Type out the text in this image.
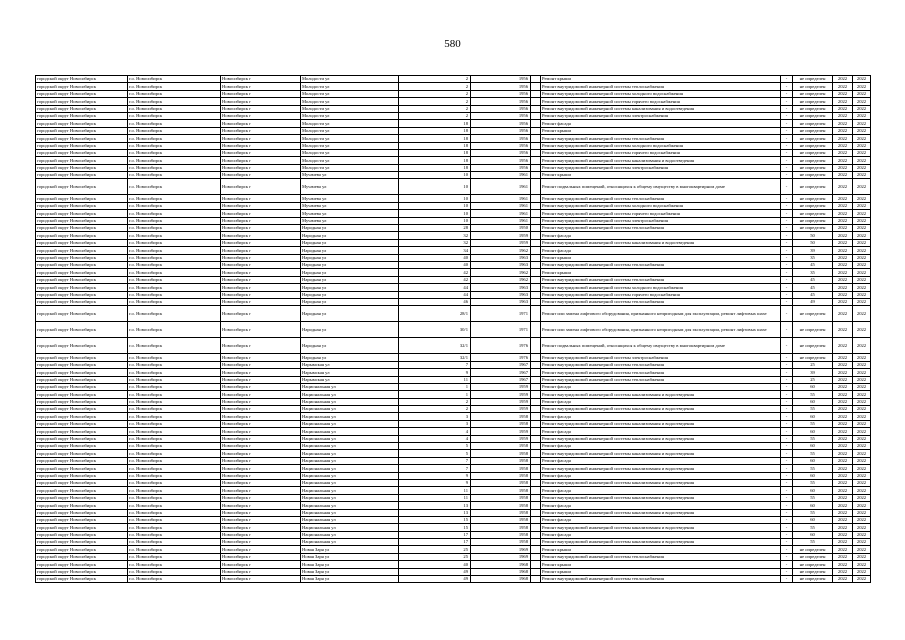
580
городской округ Новосибирск	г.о. Новосибирск	Новосибирск г	Молодости ул	2	1956		Ремонт крыши	-	не определен	2022	2022
городской округ Новосибирск	г.о. Новосибирск	Новосибирск г	Молодости ул	2	1956		Ремонт внутридомовой инженерной системы теплоснабжения	-	не определен	2022	2022
городской округ Новосибирск	г.о. Новосибирск	Новосибирск г	Молодости ул	2	1956		Ремонт внутридомовой инженерной системы холодного водоснабжения	-	не определен	2022	2022
городской округ Новосибирск	г.о. Новосибирск	Новосибирск г	Молодости ул	2	1956		Ремонт внутридомовой инженерной системы горячего водоснабжения	-	не определен	2022	2022
городской округ Новосибирск	г.о. Новосибирск	Новосибирск г	Молодости ул	2	1956		Ремонт внутридомовой инженерной системы канализования и водоотведения	-	не определен	2022	2022
городской округ Новосибирск	г.о. Новосибирск	Новосибирск г	Молодости ул	2	1956		Ремонт внутридомовой инженерной системы электроснабжения	-	не определен	2022	2022
городской округ Новосибирск	г.о. Новосибирск	Новосибирск г	Молодости ул	18	1956		Ремонт фасада	-	не определен	2022	2022
городской округ Новосибирск	г.о. Новосибирск	Новосибирск г	Молодости ул	18	1956		Ремонт крыши	-	не определен	2022	2022
городской округ Новосибирск	г.о. Новосибирск	Новосибирск г	Молодости ул	18	1956		Ремонт внутридомовой инженерной системы теплоснабжения	-	не определен	2022	2022
городской округ Новосибирск	г.о. Новосибирск	Новосибирск г	Молодости ул	18	1956		Ремонт внутридомовой инженерной системы холодного водоснабжения	-	не определен	2022	2022
городской округ Новосибирск	г.о. Новосибирск	Новосибирск г	Молодости ул	18	1956		Ремонт внутридомовой инженерной системы горячего водоснабжения	-	не определен	2022	2022
городской округ Новосибирск	г.о. Новосибирск	Новосибирск г	Молодости ул	18	1956		Ремонт внутридомовой инженерной системы канализования и водоотведения	-	не определен	2022	2022
городской округ Новосибирск	г.о. Новосибирск	Новосибирск г	Молодости ул	18	1956		Ремонт внутридомовой инженерной системы электроснабжения	-	не определен	2022	2022
городской округ Новосибирск	г.о. Новосибирск	Новосибирск г	Мучачева ул	10	1961		Ремонт крыши	-	не определен	2022	2022
городской округ Новосибирск	г.о. Новосибирск	Новосибирск г	Мучачева ул	10	1961		Ремонт подвальных помещений, относящихся к общему имуществу в многоквартирном доме	-	не определен	2022	2022
городской округ Новосибирск	г.о. Новосибирск	Новосибирск г	Мучачева ул	10	1961		Ремонт внутридомовой инженерной системы теплоснабжения	-	не определен	2022	2022
городской округ Новосибирск	г.о. Новосибирск	Новосибирск г	Мучачева ул	10	1961		Ремонт внутридомовой инженерной системы холодного водоснабжения	-	не определен	2022	2022
городской округ Новосибирск	г.о. Новосибирск	Новосибирск г	Мучачева ул	10	1961		Ремонт внутридомовой инженерной системы горячего водоснабжения	-	не определен	2022	2022
городской округ Новосибирск	г.о. Новосибирск	Новосибирск г	Мучачева ул	10	1961		Ремонт внутридомовой инженерной системы электроснабжения	-	не определен	2022	2022
городской округ Новосибирск	г.о. Новосибирск	Новосибирск г	Народная ул	28	1950		Ремонт внутридомовой инженерной системы теплоснабжения	-	не определен	2022	2022
городской округ Новосибирск	г.о. Новосибирск	Новосибирск г	Народная ул	32	1959		Ремонт фасада	-	50	2022	2022
городской округ Новосибирск	г.о. Новосибирск	Новосибирск г	Народная ул	32	1959		Ремонт внутридомовой инженерной системы канализования и водоотведения	-	50	2022	2022
городской округ Новосибирск	г.о. Новосибирск	Новосибирск г	Народная ул	34	1962		Ремонт фасада	-	39	2022	2022
городской округ Новосибирск	г.о. Новосибирск	Новосибирск г	Народная ул	40	1963		Ремонт крыши	-	35	2022	2022
городской округ Новосибирск	г.о. Новосибирск	Новосибирск г	Народная ул	40	1963		Ремонт внутридомовой инженерной системы теплоснабжения	-	45	2022	2022
городской округ Новосибирск	г.о. Новосибирск	Новосибирск г	Народная ул	42	1962		Ремонт крыши	-	35	2022	2022
городской округ Новосибирск	г.о. Новосибирск	Новосибирск г	Народная ул	42	1962		Ремонт внутридомовой инженерной системы теплоснабжения	-	45	2022	2022
городской округ Новосибирск	г.о. Новосибирск	Новосибирск г	Народная ул	44	1963		Ремонт внутридомовой инженерной системы холодного водоснабжения	-	45	2022	2022
городской округ Новосибирск	г.о. Новосибирск	Новосибирск г	Народная ул	44	1963		Ремонт внутридомовой инженерной системы горячего водоснабжения	-	45	2022	2022
городской округ Новосибирск	г.о. Новосибирск	Новосибирск г	Народная ул	46	1963		Ремонт внутридомовой инженерной системы теплоснабжения	-	49	2022	2022
городской округ Новосибирск	г.о. Новосибирск	Новосибирск г	Народная ул	28/1	1971		Ремонт или замена лифтового оборудования, признанного непригодным для эксплуатации, ремонт лифтовых шахт	-	не определен	2022	2022
городской округ Новосибирск	г.о. Новосибирск	Новосибирск г	Народная ул	30/1	1971		Ремонт или замена лифтового оборудования, признанного непригодным для эксплуатации, ремонт лифтовых шахт	-	не определен	2022	2022
городской округ Новосибирск	г.о. Новосибирск	Новосибирск г	Народная ул	32/1	1976		Ремонт подвальных помещений, относящихся к общему имуществу в многоквартирном доме	-	не определен	2022	2022
городской округ Новосибирск	г.о. Новосибирск	Новосибирск г	Народная ул	32/1	1976		Ремонт внутридомовой инженерной системы электроснабжения	-	не определен	2022	2022
городской округ Новосибирск	г.о. Новосибирск	Новосибирск г	Нарымская ул	7	1967		Ремонт внутридомовой инженерной системы теплоснабжения	-	25	2022	2022
городской округ Новосибирск	г.о. Новосибирск	Новосибирск г	Нарымская ул	9	1967		Ремонт внутридомовой инженерной системы теплоснабжения	-	39	2022	2022
городской округ Новосибирск	г.о. Новосибирск	Новосибирск г	Нарымская ул	11	1967		Ремонт внутридомовой инженерной системы теплоснабжения	-	25	2022	2022
городской округ Новосибирск	г.о. Новосибирск	Новосибирск г	Национальная ул	1	1959		Ремонт фасада	-	60	2022	2022
городской округ Новосибирск	г.о. Новосибирск	Новосибирск г	Национальная ул	1	1959		Ремонт внутридомовой инженерной системы канализования и водоотведения	-	55	2022	2022
городской округ Новосибирск	г.о. Новосибирск	Новосибирск г	Национальная ул	2	1959		Ремонт фасада	-	60	2022	2022
городской округ Новосибирск	г.о. Новосибирск	Новосибирск г	Национальная ул	2	1959		Ремонт внутридомовой инженерной системы канализования и водоотведения	-	55	2022	2022
городской округ Новосибирск	г.о. Новосибирск	Новосибирск г	Национальная ул	3	1958		Ремонт фасада	-	60	2022	2022
городской округ Новосибирск	г.о. Новосибирск	Новосибирск г	Национальная ул	3	1958		Ремонт внутридомовой инженерной системы канализования и водоотведения	-	55	2022	2022
городской округ Новосибирск	г.о. Новосибирск	Новосибирск г	Национальная ул	4	1959		Ремонт фасада	-	60	2022	2022
городской округ Новосибирск	г.о. Новосибирск	Новосибирск г	Национальная ул	4	1959		Ремонт внутридомовой инженерной системы канализования и водоотведения	-	55	2022	2022
городской округ Новосибирск	г.о. Новосибирск	Новосибирск г	Национальная ул	5	1958		Ремонт фасада	-	60	2022	2022
городской округ Новосибирск	г.о. Новосибирск	Новосибирск г	Национальная ул	5	1958		Ремонт внутридомовой инженерной системы канализования и водоотведения	-	55	2022	2022
городской округ Новосибирск	г.о. Новосибирск	Новосибирск г	Национальная ул	7	1958		Ремонт фасада	-	60	2022	2022
городской округ Новосибирск	г.о. Новосибирск	Новосибирск г	Национальная ул	7	1958		Ремонт внутридомовой инженерной системы канализования и водоотведения	-	55	2022	2022
городской округ Новосибирск	г.о. Новосибирск	Новосибирск г	Национальная ул	9	1958		Ремонт фасада	-	60	2022	2022
городской округ Новосибирск	г.о. Новосибирск	Новосибирск г	Национальная ул	9	1958		Ремонт внутридомовой инженерной системы канализования и водоотведения	-	55	2022	2022
городской округ Новосибирск	г.о. Новосибирск	Новосибирск г	Национальная ул	11	1958		Ремонт фасада	-	60	2022	2022
городской округ Новосибирск	г.о. Новосибирск	Новосибирск г	Национальная ул	11	1958		Ремонт внутридомовой инженерной системы канализования и водоотведения	-	55	2022	2022
городской округ Новосибирск	г.о. Новосибирск	Новосибирск г	Национальная ул	13	1958		Ремонт фасада	-	60	2022	2022
городской округ Новосибирск	г.о. Новосибирск	Новосибирск г	Национальная ул	13	1958		Ремонт внутридомовой инженерной системы канализования и водоотведения	-	55	2022	2022
городской округ Новосибирск	г.о. Новосибирск	Новосибирск г	Национальная ул	15	1958		Ремонт фасада	-	60	2022	2022
городской округ Новосибирск	г.о. Новосибирск	Новосибирск г	Национальная ул	15	1958		Ремонт внутридомовой инженерной системы канализования и водоотведения	-	55	2022	2022
городской округ Новосибирск	г.о. Новосибирск	Новосибирск г	Национальная ул	17	1958		Ремонт фасада	-	60	2022	2022
городской округ Новосибирск	г.о. Новосибирск	Новосибирск г	Национальная ул	17	1958		Ремонт внутридомовой инженерной системы канализования и водоотведения	-	55	2022	2022
городской округ Новосибирск	г.о. Новосибирск	Новосибирск г	Новая Заря ул	25	1969		Ремонт крыши	-	не определен	2022	2022
городской округ Новосибирск	г.о. Новосибирск	Новосибирск г	Новая Заря ул	25	1969		Ремонт внутридомовой инженерной системы теплоснабжения	-	не определен	2022	2022
городской округ Новосибирск	г.о. Новосибирск	Новосибирск г	Новая Заря ул	40	1968		Ремонт крыши	-	не определен	2022	2022
городской округ Новосибирск	г.о. Новосибирск	Новосибирск г	Новая Заря ул	49	1968		Ремонт крыши	-	не определен	2022	2022
городской округ Новосибирск	г.о. Новосибирск	Новосибирск г	Новая Заря ул	49	1968		Ремонт внутридомовой инженерной системы теплоснабжения	-	не определен	2022	2022
